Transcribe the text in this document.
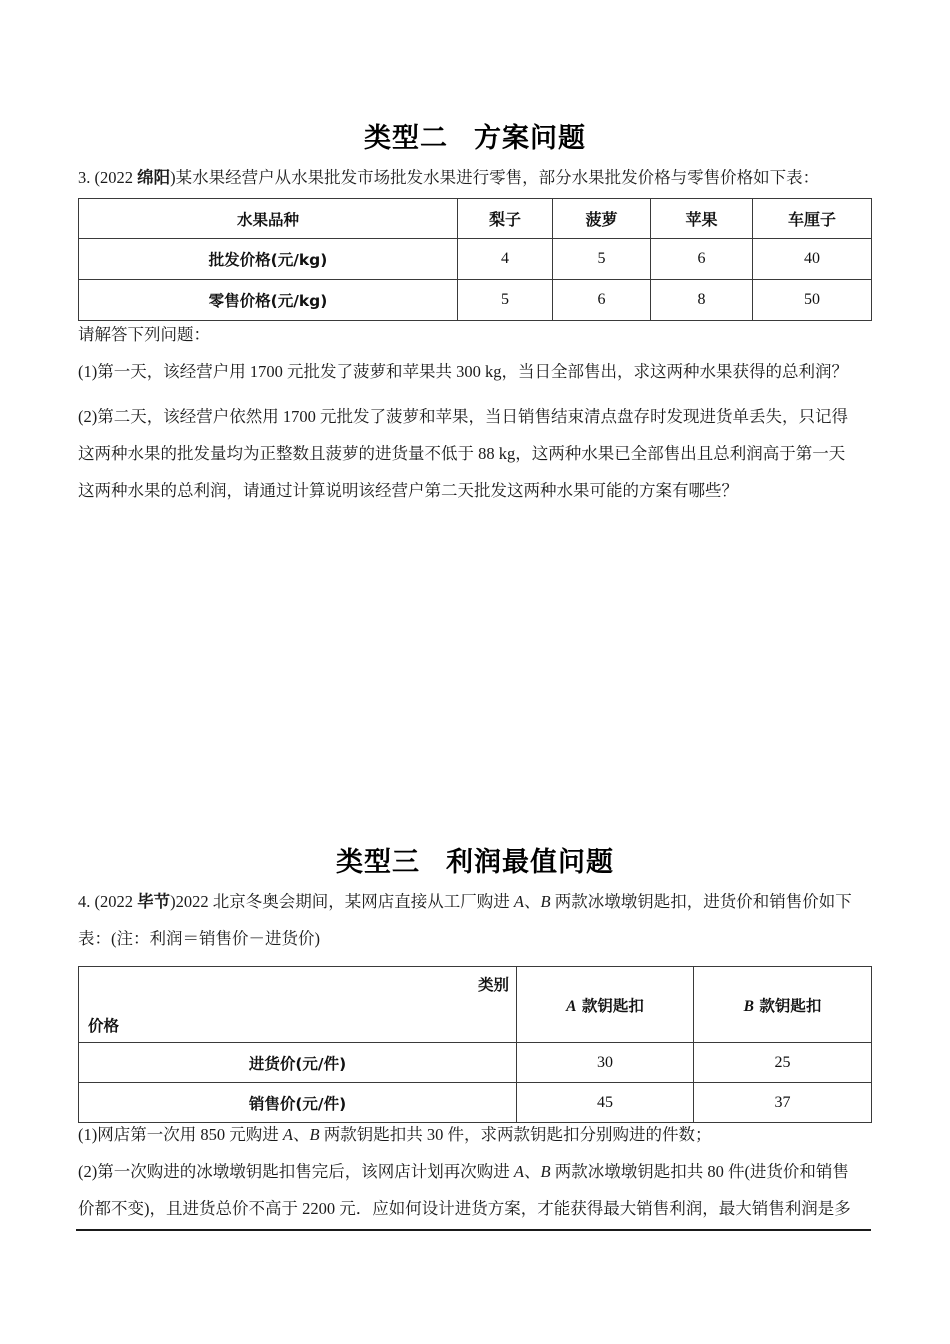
类型二 方案问题
3. (2022 绵阳)某水果经营户从水果批发市场批发水果进行零售，部分水果批发价格与零售价格如下表：
水果品种	梨子	菠萝	苹果	车厘子
批发价格(元/kg)	4	5	6	40
零售价格(元/kg)	5	6	8	50
请解答下列问题：
(1)第一天，该经营户用 1700 元批发了菠萝和苹果共 300 kg，当日全部售出，求这两种水果获得的总利润？
(2)第二天，该经营户依然用 1700 元批发了菠萝和苹果，当日销售结束清点盘存时发现进货单丢失，只记得
这两种水果的批发量均为正整数且菠萝的进货量不低于 88 kg，这两种水果已全部售出且总利润高于第一天
这两种水果的总利润，请通过计算说明该经营户第二天批发这两种水果可能的方案有哪些？
类型三 利润最值问题
4. (2022 毕节)2022 北京冬奥会期间，某网店直接从工厂购进 A、B 两款冰墩墩钥匙扣，进货价和销售价如下
表：(注：利润＝销售价－进货价)
类别
价格	A 款钥匙扣	B 款钥匙扣
进货价(元/件)	30	25
销售价(元/件)	45	37
(1)网店第一次用 850 元购进 A、B 两款钥匙扣共 30 件，求两款钥匙扣分别购进的件数；
(2)第一次购进的冰墩墩钥匙扣售完后，该网店计划再次购进 A、B 两款冰墩墩钥匙扣共 80 件(进货价和销售
价都不变)，且进货总价不高于 2200 元．应如何设计进货方案，才能获得最大销售利润，最大销售利润是多
